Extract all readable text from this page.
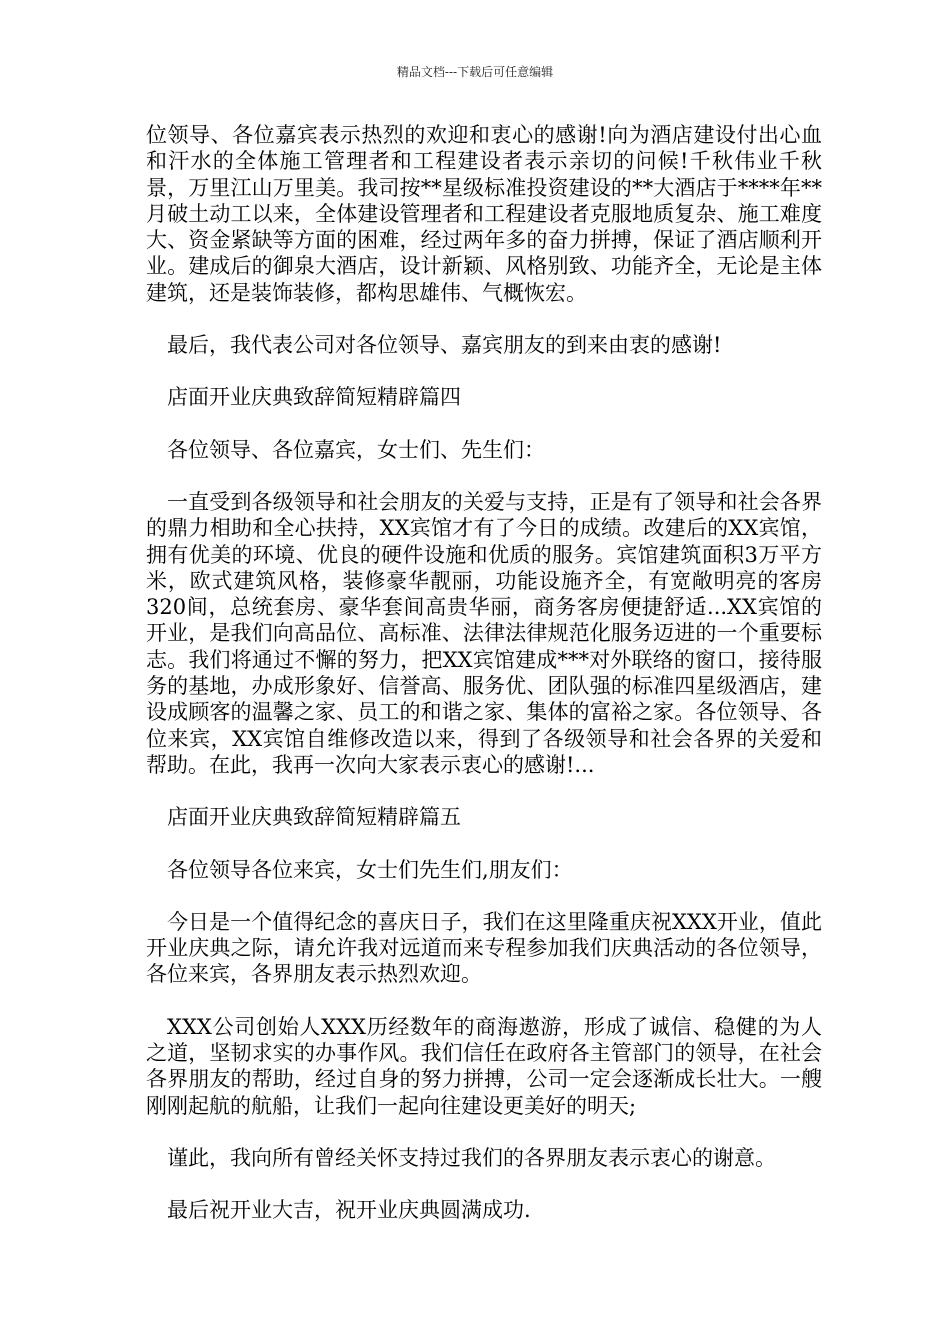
精品文档---下载后可任意编辑

位领导、各位嘉宾表示热烈的欢迎和衷心的感谢!向为酒店建设付出心血和汗水的全体施工管理者和工程建设者表示亲切的问候!千秋伟业千秋景，万里江山万里美。我司按**星级标准投资建设的**大酒店于****年**月破土动工以来，全体建设管理者和工程建设者克服地质复杂、施工难度大、资金紧缺等方面的困难，经过两年多的奋力拼搏，保证了酒店顺利开业。建成后的御泉大酒店，设计新颖、风格别致、功能齐全，无论是主体建筑，还是装饰装修，都构思雄伟、气概恢宏。

最后，我代表公司对各位领导、嘉宾朋友的到来由衷的感谢!

店面开业庆典致辞简短精辟篇四

各位领导、各位嘉宾，女士们、先生们：

一直受到各级领导和社会朋友的关爱与支持，正是有了领导和社会各界的鼎力相助和全心扶持，XX宾馆才有了今日的成绩。改建后的XX宾馆，拥有优美的环境、优良的硬件设施和优质的服务。宾馆建筑面积3万平方米，欧式建筑风格，装修豪华靓丽，功能设施齐全，有宽敞明亮的客房320间，总统套房、豪华套间高贵华丽，商务客房便捷舒适...XX宾馆的开业，是我们向高品位、高标准、法律法律规范化服务迈进的一个重要标志。我们将通过不懈的努力，把XX宾馆建成***对外联络的窗口，接待服务的基地，办成形象好、信誉高、服务优、团队强的标准四星级酒店，建设成顾客的温馨之家、员工的和谐之家、集体的富裕之家。各位领导、各位来宾，XX宾馆自维修改造以来，得到了各级领导和社会各界的关爱和帮助。在此，我再一次向大家表示衷心的感谢!...

店面开业庆典致辞简短精辟篇五

各位领导各位来宾，女士们先生们,朋友们：

今日是一个值得纪念的喜庆日子，我们在这里隆重庆祝XXX开业，值此开业庆典之际，请允许我对远道而来专程参加我们庆典活动的各位领导，各位来宾，各界朋友表示热烈欢迎。

XXX公司创始人XXX历经数年的商海遨游，形成了诚信、稳健的为人之道，坚韧求实的办事作风。我们信任在政府各主管部门的领导，在社会各界朋友的帮助，经过自身的努力拼搏，公司一定会逐渐成长壮大。一艘刚刚起航的航船，让我们一起向往建设更美好的明天;

谨此，我向所有曾经关怀支持过我们的各界朋友表示衷心的谢意。

最后祝开业大吉，祝开业庆典圆满成功.
